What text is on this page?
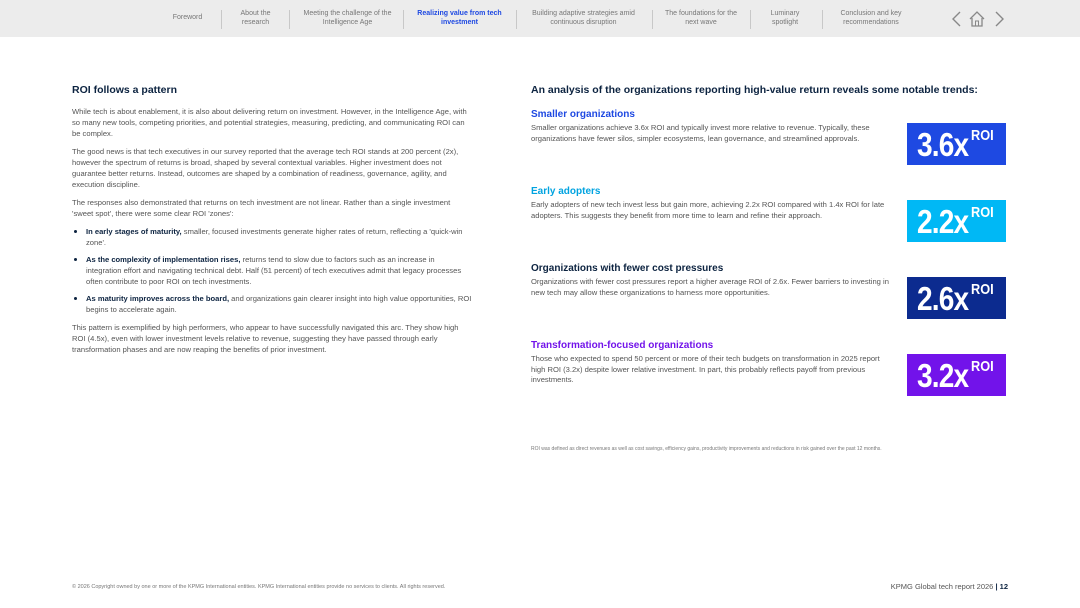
Foreword
About the research
Meeting the challenge of the Intelligence Age
Realizing value from tech investment
Building adaptive strategies amid continuous disruption
The foundations for the next wave
Luminary spotlight
Conclusion and key recommendations
ROI follows a pattern

While tech is about enablement, it is also about delivering return on investment. However, in the Intelligence Age, with so many new tools, competing priorities, and potential strategies, measuring, predicting, and communicating ROI can be complex.

The good news is that tech executives in our survey reported that the average tech ROI stands at 200 percent (2x), however the spectrum of returns is broad, shaped by several contextual variables. Higher investment does not guarantee better returns. Instead, outcomes are shaped by a combination of readiness, governance, agility, and execution discipline.

The responses also demonstrated that returns on tech investment are not linear. Rather than a single investment 'sweet spot', there were some clear ROI 'zones':

In early stages of maturity, smaller, focused investments generate higher rates of return, reflecting a 'quick-win zone'.
As the complexity of implementation rises, returns tend to slow due to factors such as an increase in integration effort and navigating technical debt. Half (51 percent) of tech executives admit that legacy processes often contribute to poor ROI on tech investments.
As maturity improves across the board, and organizations gain clearer insight into high value opportunities, ROI begins to accelerate again.

This pattern is exemplified by high performers, who appear to have successfully navigated this arc. They show high ROI (4.5x), even with lower investment levels relative to revenue, suggesting they have passed through early transformation phases and are now reaping the benefits of prior investment.

An analysis of the organizations reporting high-value return reveals some notable trends:
Smaller organizations
Smaller organizations achieve 3.6x ROI and typically invest more relative to revenue. Typically, these organizations have fewer silos, simpler ecosystems, lean governance, and streamlined approvals.	3.6x ROI
Early adopters
Early adopters of new tech invest less but gain more, achieving 2.2x ROI compared with 1.4x ROI for late adopters. This suggests they benefit from more time to learn and refine their approach.	2.2x ROI
Organizations with fewer cost pressures
Organizations with fewer cost pressures report a higher average ROI of 2.6x. Fewer barriers to investing in new tech may allow these organizations to harness more opportunities.	2.6x ROI
Transformation-focused organizations
Those who expected to spend 50 percent or more of their tech budgets on transformation in 2025 report high ROI (3.2x) despite lower relative investment. In part, this probably reflects payoff from previous investments.	3.2x ROI
ROI was defined as direct revenues as well as cost savings, efficiency gains, productivity improvements and reductions in risk gained over the past 12 months.
© 2026 Copyright owned by one or more of the KPMG International entities. KPMG International entities provide no services to clients. All rights reserved.	KPMG Global tech report 2026 | 12
